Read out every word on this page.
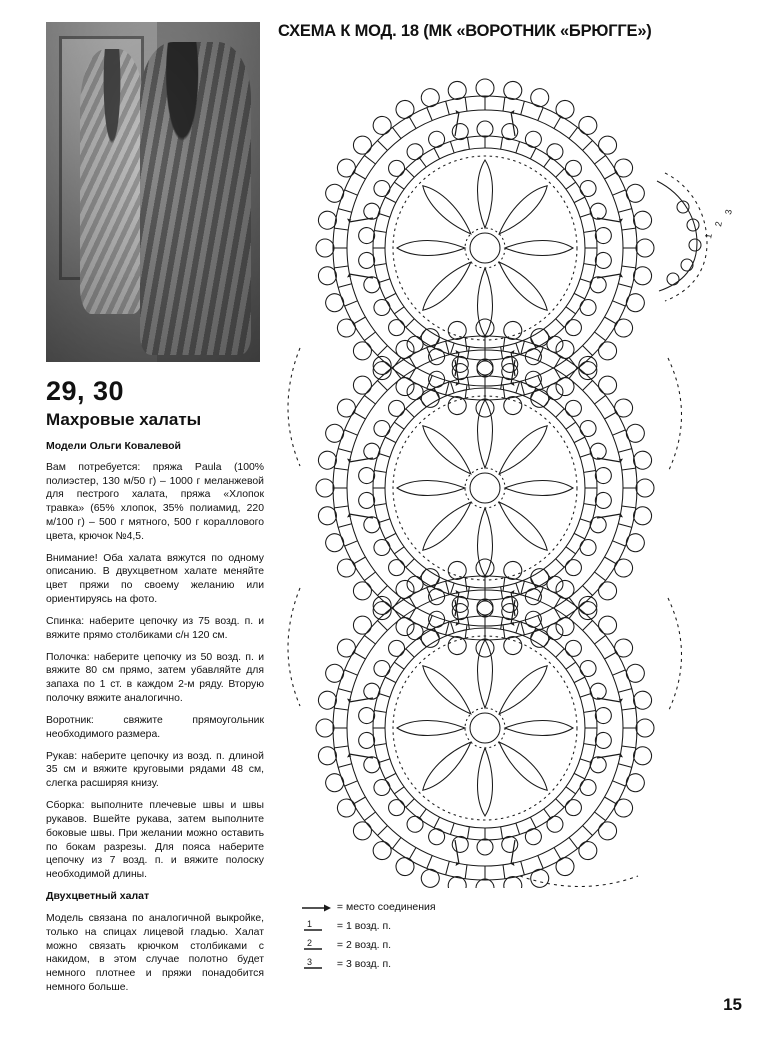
29, 30
Махровые халаты
Модели Ольги Ковалевой

Вам потребуется: пряжа Paula (100% полиэстер, 130 м/50 г) – 1000 г меланжевой для пестрого халата, пряжа «Хлопок травка» (65% хлопок, 35% полиамид, 220 м/100 г) – 500 г мятного, 500 г кораллового цвета, крючок №4,5.

Внимание! Оба халата вяжутся по одному описанию. В двухцветном халате меняйте цвет пряжи по своему желанию или ориентируясь на фото.

Спинка: наберите цепочку из 75 возд. п. и вяжите прямо столбиками с/н 120 см.

Полочка: наберите цепочку из 50 возд. п. и вяжите 80 см прямо, затем убавляйте для запаха по 1 ст. в каждом 2-м ряду. Вторую полочку вяжите аналогично.

Воротник: свяжите прямоугольник необходимого размера.

Рукав: наберите цепочку из возд. п. длиной 35 см и вяжите круговыми рядами 48 см, слегка расширяя книзу.

Сборка: выполните плечевые швы и швы рукавов. Вшейте рукава, затем выполните боковые швы. При желании можно оставить по бокам разрезы. Для пояса наберите цепочку из 7 возд. п. и вяжите полоску необходимой длины.

Двухцветный халат

Модель связана по аналогичной выкройке, только на спицах лицевой гладью. Халат можно связать крючком столбиками с накидом, в этом случае полотно будет немного плотнее и пряжи понадобится немного больше.

СХЕМА К МОД. 18 (МК «ВОРОТНИК «БРЮГГЕ»)
1
2
3
= место соединения
1 = 1 возд. п.
2 = 2 возд. п.
3 = 3 возд. п.
15
